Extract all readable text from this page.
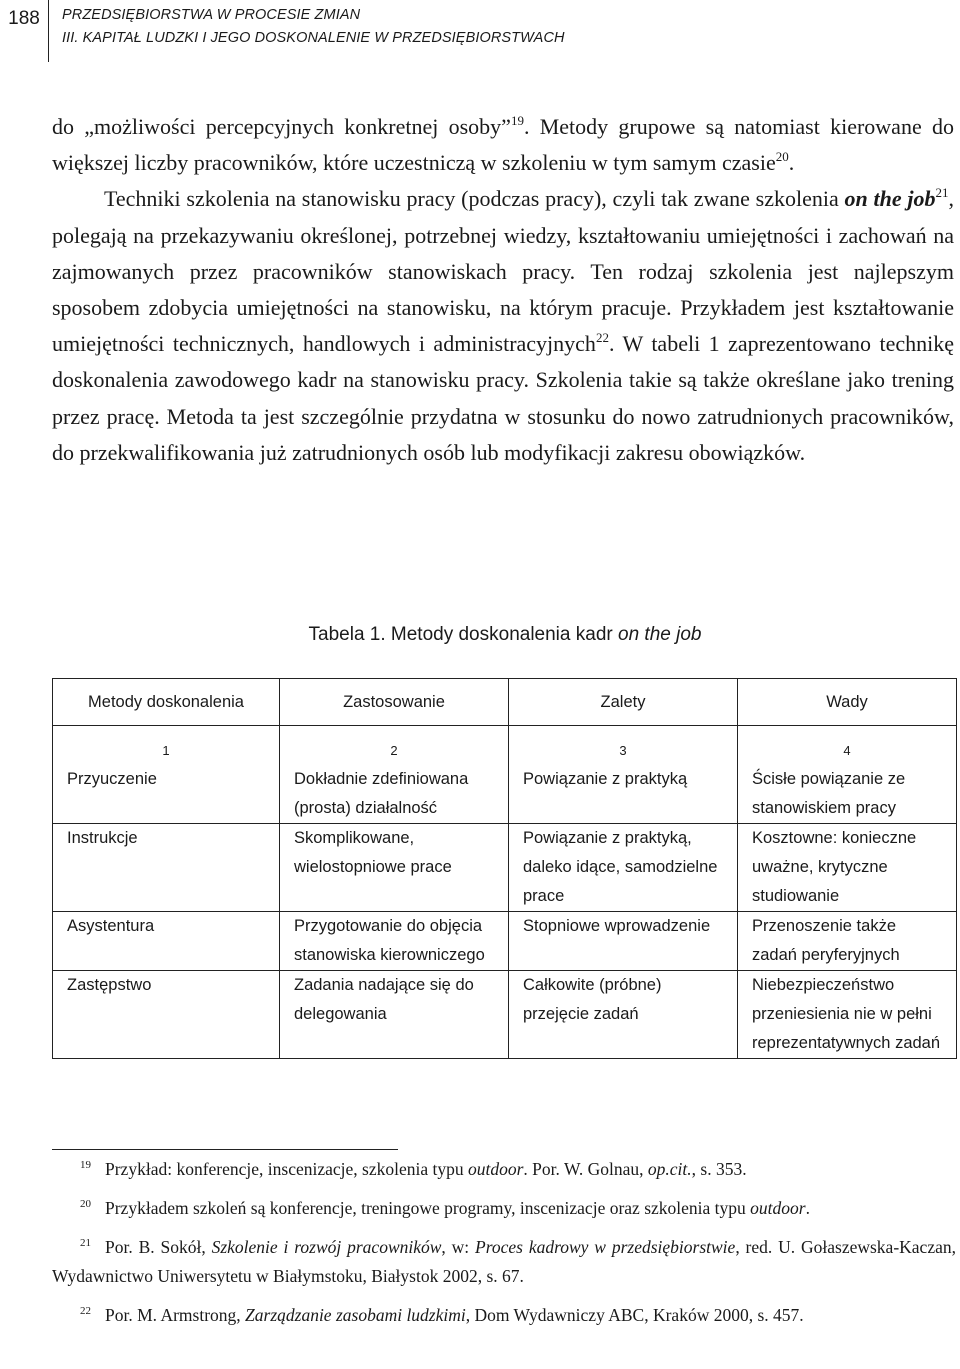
188	PRZEDSIĘBIORSTWA W PROCESIE ZMIAN
III. KAPITAŁ LUDZKI I JEGO DOSKONALENIE W PRZEDSIĘBIORSTWACH

do „możliwości percepcyjnych konkretnej osoby”$^{19}$. Metody grupowe są natomiast kierowane do większej liczby pracowników, które uczestniczą w szkoleniu w tym samym czasie$^{20}$.

Techniki szkolenia na stanowisku pracy (podczas pracy), czyli tak zwane szkolenia on the job$^{21}$, polegają na przekazywaniu określonej, potrzebnej wiedzy, kształtowaniu umiejętności i zachowań na zajmowanych przez pracowników stanowiskach pracy. Ten rodzaj szkolenia jest najlepszym sposobem zdobycia umiejętności na stanowisku, na którym pracuje. Przykładem jest kształtowanie umiejętności technicznych, handlowych i administracyjnych$^{22}$. W tabeli 1 zaprezentowano technikę doskonalenia zawodowego kadr na stanowisku pracy. Szkolenia takie są także określane jako trening przez pracę. Metoda ta jest szczególnie przydatna w stosunku do nowo zatrudnionych pracowników, do przekwalifikowania już zatrudnionych osób lub modyfikacji zakresu obowiązków.

Tabela 1. Metody doskonalenia kadr on the job
Metody doskonalenia	Zastosowanie	Zalety	Wady
1	2	3	4
Przyuczenie	Dokładnie zdefiniowana (prosta) działalność	Powiązanie z praktyką	Ścisłe powiązanie ze stanowiskiem pracy
Instrukcje	Skomplikowane, wielostopniowe prace	Powiązanie z praktyką, daleko idące, samodzielne prace	Kosztowne: konieczne uważne, krytyczne studiowanie
Asystentura	Przygotowanie do objęcia stanowiska kierowniczego	Stopniowe wprowadzenie	Przenoszenie także zadań peryferyjnych
Zastępstwo	Zadania nadające się do delegowania	Całkowite (próbne) przejęcie zadań	Niebezpieczeństwo przeniesienia nie w pełni reprezentatywnych zadań

$^{19}$ Przykład: konferencje, inscenizacje, szkolenia typu outdoor. Por. W. Golnau, op.cit., s. 353.

$^{20}$ Przykładem szkoleń są konferencje, treningowe programy, inscenizacje oraz szkolenia typu outdoor.

$^{21}$ Por. B. Sokół, Szkolenie i rozwój pracowników, w: Proces kadrowy w przedsiębiorstwie, red. U. Gołaszewska-Kaczan, Wydawnictwo Uniwersytetu w Białymstoku, Białystok 2002, s. 67.

$^{22}$ Por. M. Armstrong, Zarządzanie zasobami ludzkimi, Dom Wydawniczy ABC, Kraków 2000, s. 457.
